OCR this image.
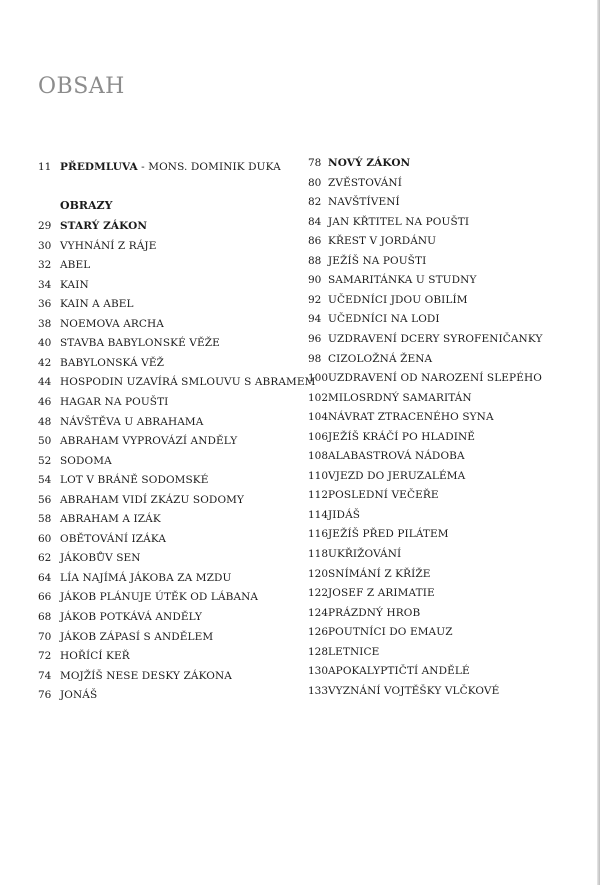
OBSAH
11 PŘEDMLUVA - MONS. DOMINIK DUKA
OBRAZY
29 STARÝ ZÁKON
30 VYHNÁNÍ Z RÁJE
32 ABEL
34 KAIN
36 KAIN A ABEL
38 NOEMOVA ARCHA
40 STAVBA BABYLONSKÉ VĚŽE
42 BABYLONSKÁ VĚŽ
44 HOSPODIN UZAVÍRÁ SMLOUVU S ABRAMEM
46 HAGAR NA POUŠTI
48 NÁVŠTĚVA U ABRAHAMA
50 ABRAHAM VYPROVÁZÍ ANDĚLY
52 SODOMA
54 LOT V BRÁNĚ SODOMSKÉ
56 ABRAHAM VIDÍ ZKÁZU SODOMY
58 ABRAHAM A IZÁK
60 OBĚTOVÁNÍ IZÁKA
62 JÁKOBŮV SEN
64 LÍA NAJÍMÁ JÁKOBA ZA MZDU
66 JÁKOB PLÁNUJE ÚTĚK OD LÁBANA
68 JÁKOB POTKÁVÁ ANDĚLY
70 JÁKOB ZÁPASÍ S ANDĚLEM
72 HOŘÍCÍ KEŘ
74 MOJŽÍŠ NESE DESKY ZÁKONA
76 JONÁŠ
78 NOVÝ ZÁKON
80 ZVĚSTOVÁNÍ
82 NAVŠTÍVENÍ
84 JAN KŘTITEL NA POUŠTI
86 KŘEST V JORDÁNU
88 JEŽÍŠ NA POUŠTI
90 SAMARITÁNKA U STUDNY
92 UČEDNÍCI JDOU OBILÍM
94 UČEDNÍCI NA LODI
96 UZDRAVENÍ DCERY SYROFENIČANKY
98 CIZOLOŽNÁ ŽENA
100 UZDRAVENÍ OD NAROZENÍ SLEPÉHO
102 MILOSRDNÝ SAMARITÁN
104 NÁVRAT ZTRACENÉHO SYNA
106 JEŽÍŠ KRÁČÍ PO HLADINĚ
108 ALABASTROVÁ NÁDOBA
110 VJEZD DO JERUZALÉMA
112 POSLEDNÍ VEČEŘE
114 JIDÁŠ
116 JEŽÍŠ PŘED PILÁTEM
118 UKŘIŽOVÁNÍ
120 SNÍMÁNÍ Z KŘÍŽE
122 JOSEF Z ARIMATIE
124 PRÁZDNÝ HROB
126 POUTNÍCI DO EMAUZ
128 LETNICE
130 APOKALYPTIČTÍ ANDĚLÉ
133 VYZNÁNÍ VOJTĚŠKY VLČKOVÉ
